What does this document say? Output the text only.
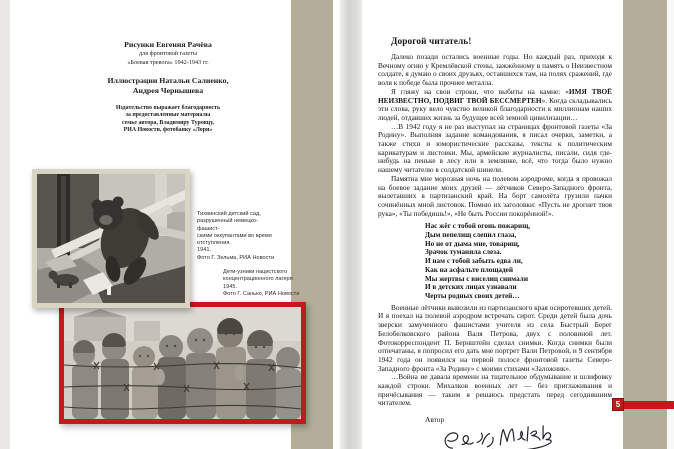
Рисунки Евгения Рачёва
для фронтовой газеты
«Боевая тревога» 1942-1943 гг.
Иллюстрации Натальи Салиенко,
Андрея Чернышева
Издательство выражает благодарность
за предоставленные материалы
семье автора, Владимиру Туровцу,
РИА Новости, фотобанку «Лори»
Тихвинский детский сад,
разрушенный немецко-фашист-
скими оккупантами во время
отступления.
1941.
Фото Г. Зельма, РИА Новости
Дети-узники нацистского
концентрационного лагеря
1945.
Фото Г. Санько, РИА Новости
Дорогой читатель!

Далеко позади остались военные годы. Но каждый раз, приходя к Вечному огню у Кремлёвской стены, зажжённому в память о Неизвестном солдате, я думаю о своих друзьях, оставшихся там, на полях сражений, где воля к победе была прочнее металла.

Я гляжу на свои строки, что выбиты на камне: «ИМЯ ТВОЁ НЕИЗВЕСТНО, ПОДВИГ ТВОЙ БЕССМЕРТЕН». Когда складывались эти слова, руку вело чувство великой благодарности к миллионам наших людей, отдавших жизнь за будущее всей земной цивилизации…

…В 1942 году я не раз выступал на страницах фронтовой газеты «За Родину». Выполняя задание командования, я писал очерки, заметки, а также стихи и юмористические рассказы, тексты к политическим карикатурам и листовки. Мы, армейские журналисты, писали, сидя где-нибудь на пеньке в лесу или в землянке, всё, что тогда было нужно нашему читателю в солдатской шинели.

Памятна мне морозная ночь на полевом аэродроме, когда я провожал на боевое задание моих друзей — лётчиков Северо-Западного фронта, вылетавших в партизанский край. На борт самолёта грузили пачки сочинённых мной листовок. Помню их заголовки: «Пусть не дрогнет твоя рука», «Ты победишь!», «Не быть России покорённой!».

Нас жёг с тобой огонь пожарищ,
Дым пепелищ слепил глаза,
Но не от дыма мне, товарищ,
Зрачок туманила слеза.
И нам с тобой забыть едва ли,
Как на асфальте площадей
Мы жертвы с виселиц снимали
И в детских лицах узнавали
Черты родных своих детей…

Военные лётчики вывозили из партизанского края осиротевших детей. И я поехал на полевой аэродром встречать сирот. Среди детей была дочь зверски замученного фашистами учителя из села Быстрый Берег Белобелковского района Валя Петрова, двух с половиной лет. Фотокорреспондент П. Бернштейн сделал снимки. Когда снимки были отпечатаны, я попросил его дать мне портрет Вали Петровой, и 9 сентября 1942 года он появился на первой полосе фронтовой газеты Северо-Западного фронта «За Родину» с моими стихами «Заложник».

…Война не давала времени на тщательное обдумывание и шлифовку каждой строки. Михалков военных лет — без приглаживания и причёсывания — таким я решаюсь предстать перед сегодняшним читателем.

Автор
5
